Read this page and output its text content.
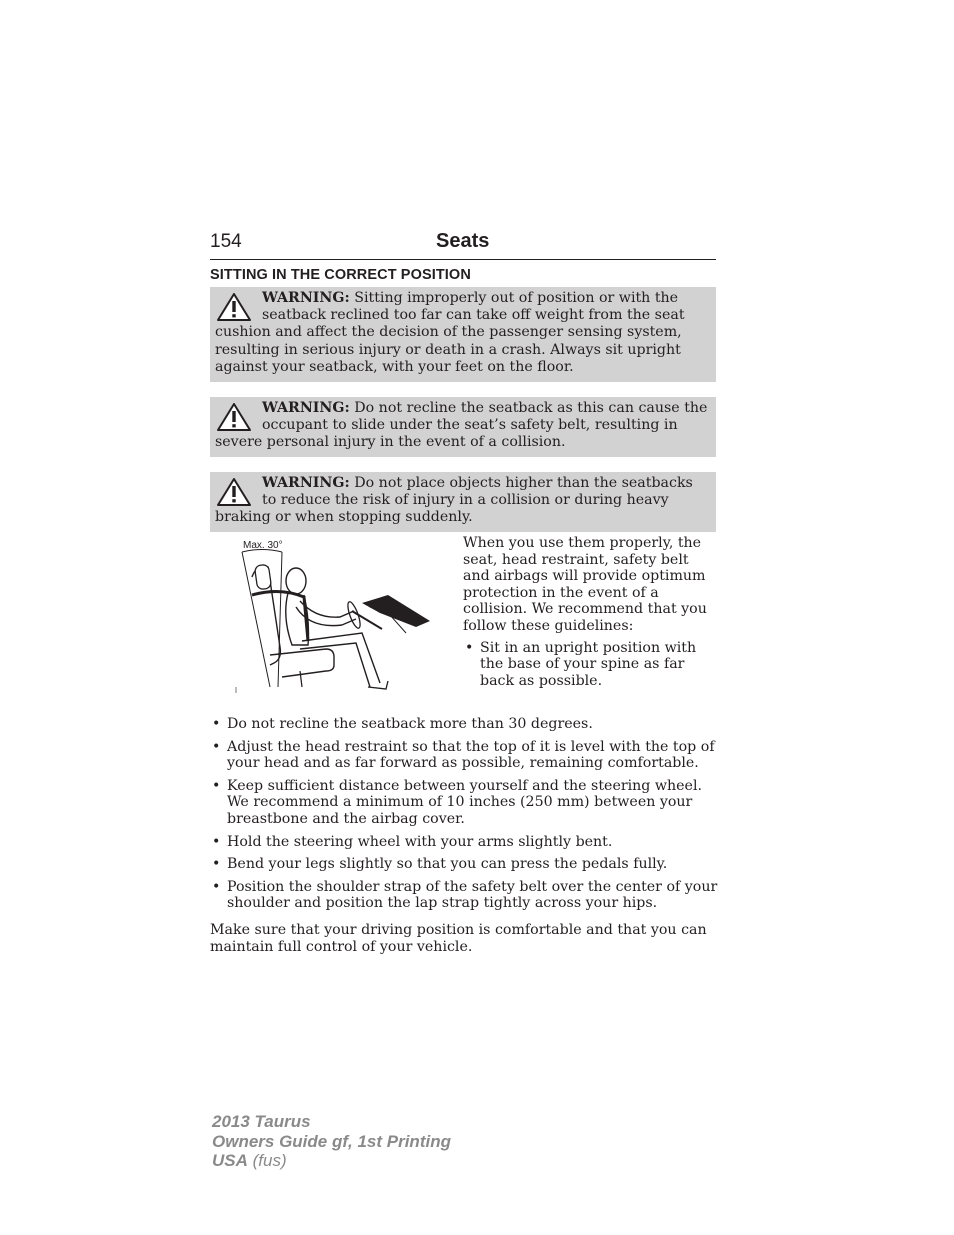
154	Seats
SITTING IN THE CORRECT POSITION
WARNING: Sitting improperly out of position or with the seatback reclined too far can take off weight from the seat cushion and affect the decision of the passenger sensing system, resulting in serious injury or death in a crash. Always sit upright against your seatback, with your feet on the floor.
WARNING: Do not recline the seatback as this can cause the occupant to slide under the seat’s safety belt, resulting in severe personal injury in the event of a collision.
WARNING: Do not place objects higher than the seatbacks to reduce the risk of injury in a collision or during heavy braking or when stopping suddenly.
Max. 30°	When you use them properly, the seat, head restraint, safety belt and airbags will provide optimum protection in the event of a collision. We recommend that you follow these guidelines:

• Sit in an upright position with the base of your spine as far back as possible.
• Do not recline the seatback more than 30 degrees.
• Adjust the head restraint so that the top of it is level with the top of your head and as far forward as possible, remaining comfortable.
• Keep sufficient distance between yourself and the steering wheel. We recommend a minimum of 10 inches (250 mm) between your breastbone and the airbag cover.
• Hold the steering wheel with your arms slightly bent.
• Bend your legs slightly so that you can press the pedals fully.
• Position the shoulder strap of the safety belt over the center of your shoulder and position the lap strap tightly across your hips.

Make sure that your driving position is comfortable and that you can maintain full control of your vehicle.

2013 Taurus
Owners Guide gf, 1st Printing
USA (fus)
